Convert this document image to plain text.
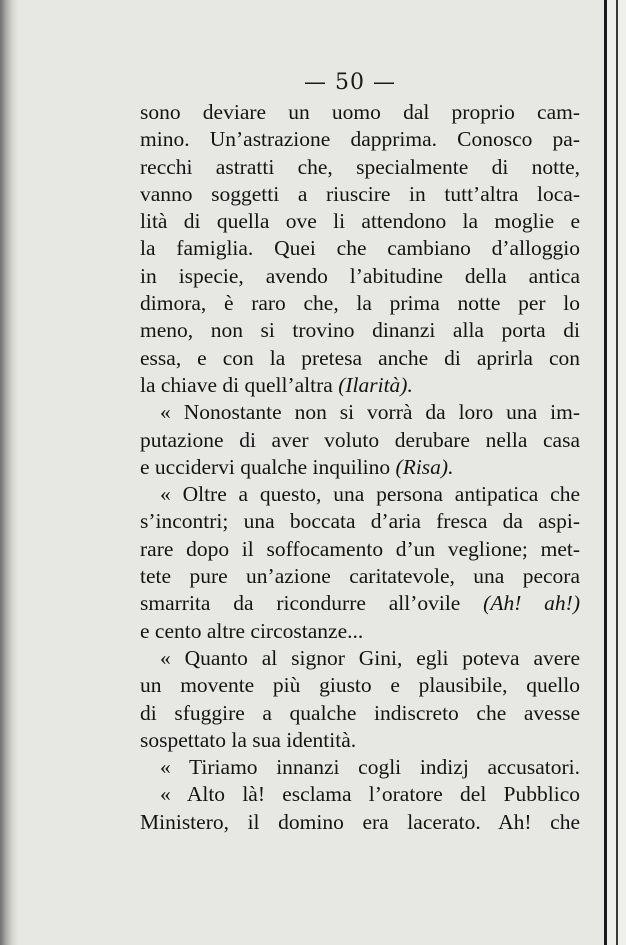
— 50 —
sono deviare un uomo dal proprio cam-
mino. Un’astrazione dapprima. Conosco pa-
recchi astratti che, specialmente di notte,
vanno soggetti a riuscire in tutt’altra loca-
lità di quella ove li attendono la moglie e
la famiglia. Quei che cambiano d’alloggio
in ispecie, avendo l’abitudine della antica
dimora, è raro che, la prima notte per lo
meno, non si trovino dinanzi alla porta di
essa, e con la pretesa anche di aprirla con
la chiave di quell’altra (Ilarità).
« Nonostante non si vorrà da loro una im-
putazione di aver voluto derubare nella casa
e uccidervi qualche inquilino (Risa).
« Oltre a questo, una persona antipatica che
s’incontri; una boccata d’aria fresca da aspi-
rare dopo il soffocamento d’un veglione; met-
tete pure un’azione caritatevole, una pecora
smarrita da ricondurre all’ovile (Ah! ah!)
e cento altre circostanze...
« Quanto al signor Gini, egli poteva avere
un movente più giusto e plausibile, quello
di sfuggire a qualche indiscreto che avesse
sospettato la sua identità.
« Tiriamo innanzi cogli indizj accusatori.
« Alto là! esclama l’oratore del Pubblico
Ministero, il domino era lacerato. Ah! che
